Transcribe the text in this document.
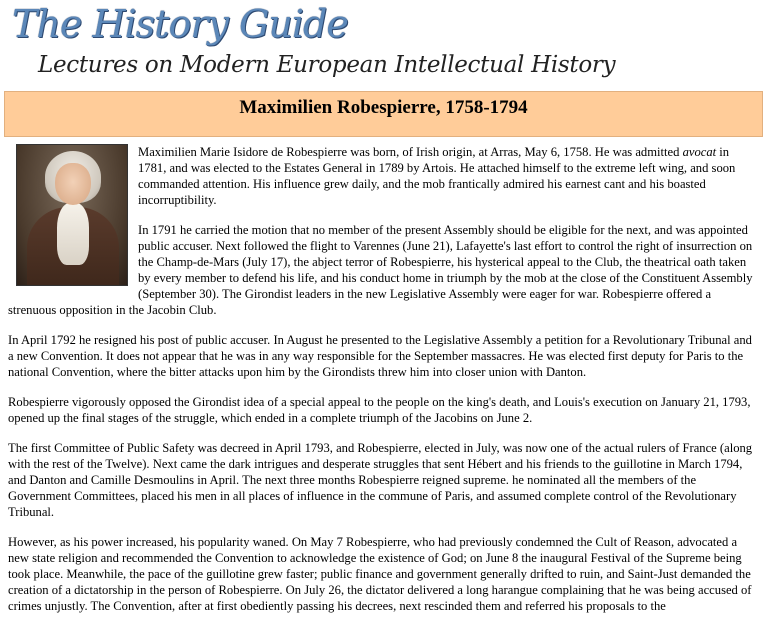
The History Guide
Lectures on Modern European Intellectual History
Maximilien Robespierre, 1758-1794

Maximilien Marie Isidore de Robespierre was born, of Irish origin, at Arras, May 6, 1758. He was admitted avocat in 1781, and was elected to the Estates General in 1789 by Artois. He attached himself to the extreme left wing, and soon commanded attention. His influence grew daily, and the mob frantically admired his earnest cant and his boasted incorruptibility.

In 1791 he carried the motion that no member of the present Assembly should be eligible for the next, and was appointed public accuser. Next followed the flight to Varennes (June 21), Lafayette's last effort to control the right of insurrection on the Champ-de-Mars (July 17), the abject terror of Robespierre, his hysterical appeal to the Club, the theatrical oath taken by every member to defend his life, and his conduct home in triumph by the mob at the close of the Constituent Assembly (September 30). The Girondist leaders in the new Legislative Assembly were eager for war. Robespierre offered a strenuous opposition in the Jacobin Club.

In April 1792 he resigned his post of public accuser. In August he presented to the Legislative Assembly a petition for a Revolutionary Tribunal and a new Convention. It does not appear that he was in any way responsible for the September massacres. He was elected first deputy for Paris to the national Convention, where the bitter attacks upon him by the Girondists threw him into closer union with Danton.

Robespierre vigorously opposed the Girondist idea of a special appeal to the people on the king's death, and Louis's execution on January 21, 1793, opened up the final stages of the struggle, which ended in a complete triumph of the Jacobins on June 2.

The first Committee of Public Safety was decreed in April 1793, and Robespierre, elected in July, was now one of the actual rulers of France (along with the rest of the Twelve). Next came the dark intrigues and desperate struggles that sent Hébert and his friends to the guillotine in March 1794, and Danton and Camille Desmoulins in April. The next three months Robespierre reigned supreme. he nominated all the members of the Government Committees, placed his men in all places of influence in the commune of Paris, and assumed complete control of the Revolutionary Tribunal.

However, as his power increased, his popularity waned. On May 7 Robespierre, who had previously condemned the Cult of Reason, advocated a new state religion and recommended the Convention to acknowledge the existence of God; on June 8 the inaugural Festival of the Supreme being took place. Meanwhile, the pace of the guillotine grew faster; public finance and government generally drifted to ruin, and Saint-Just demanded the creation of a dictatorship in the person of Robespierre. On July 26, the dictator delivered a long harangue complaining that he was being accused of crimes unjustly. The Convention, after at first obediently passing his decrees, next rescinded them and referred his proposals to the
